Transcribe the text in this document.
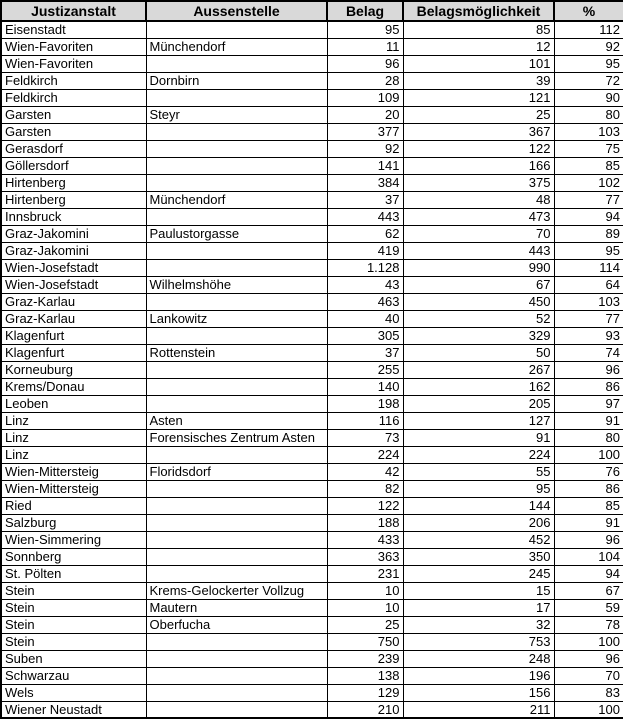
Justizanstalt	Aussenstelle	Belag	Belagsmöglichkeit	%
Eisenstadt		95	85	112
Wien-Favoriten	Münchendorf	11	12	92
Wien-Favoriten		96	101	95
Feldkirch	Dornbirn	28	39	72
Feldkirch		109	121	90
Garsten	Steyr	20	25	80
Garsten		377	367	103
Gerasdorf		92	122	75
Göllersdorf		141	166	85
Hirtenberg		384	375	102
Hirtenberg	Münchendorf	37	48	77
Innsbruck		443	473	94
Graz-Jakomini	Paulustorgasse	62	70	89
Graz-Jakomini		419	443	95
Wien-Josefstadt		1.128	990	114
Wien-Josefstadt	Wilhelmshöhe	43	67	64
Graz-Karlau		463	450	103
Graz-Karlau	Lankowitz	40	52	77
Klagenfurt		305	329	93
Klagenfurt	Rottenstein	37	50	74
Korneuburg		255	267	96
Krems/Donau		140	162	86
Leoben		198	205	97
Linz	Asten	116	127	91
Linz	Forensisches Zentrum Asten	73	91	80
Linz		224	224	100
Wien-Mittersteig	Floridsdorf	42	55	76
Wien-Mittersteig		82	95	86
Ried		122	144	85
Salzburg		188	206	91
Wien-Simmering		433	452	96
Sonnberg		363	350	104
St. Pölten		231	245	94
Stein	Krems-Gelockerter Vollzug	10	15	67
Stein	Mautern	10	17	59
Stein	Oberfucha	25	32	78
Stein		750	753	100
Suben		239	248	96
Schwarzau		138	196	70
Wels		129	156	83
Wiener Neustadt		210	211	100
